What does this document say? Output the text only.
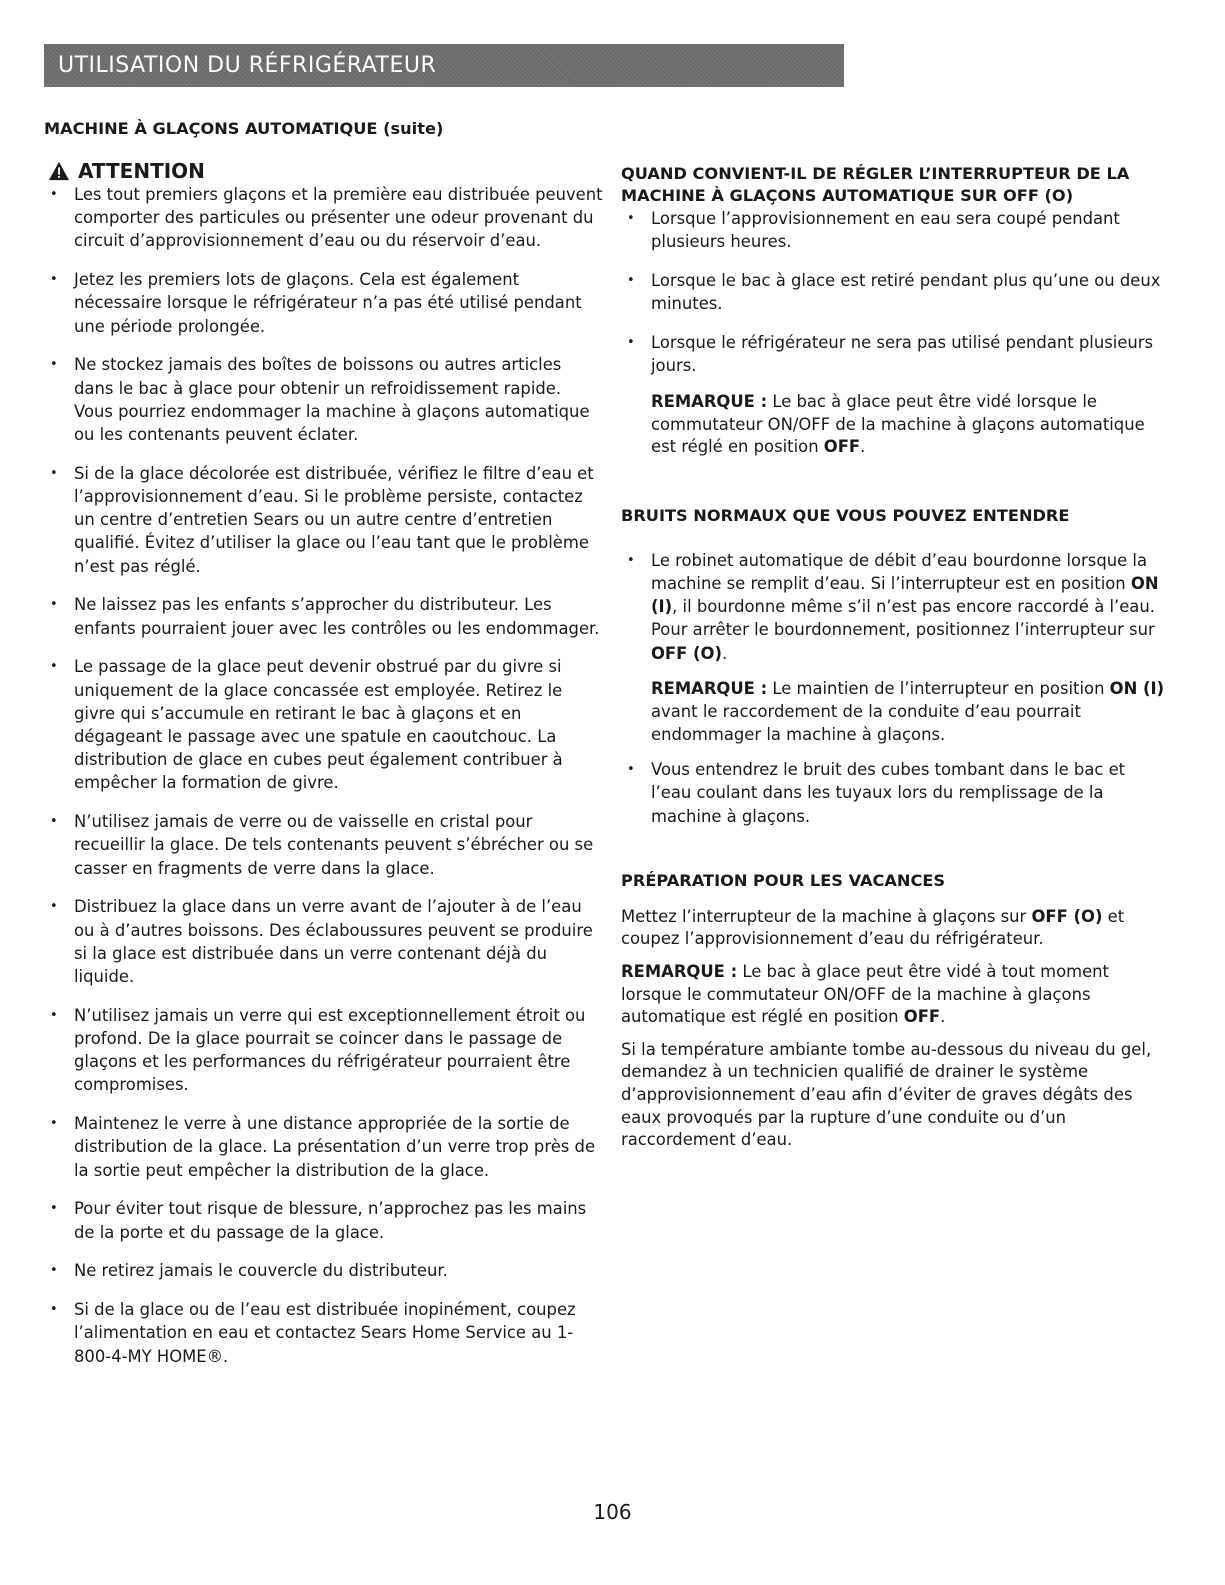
UTILISATION DU RÉFRIGÉRATEUR
MACHINE À GLAÇONS AUTOMATIQUE (suite)
ATTENTION
• Les tout premiers glaçons et la première eau distribuée peuvent comporter des particules ou présenter une odeur provenant du circuit d’approvisionnement d’eau ou du réservoir d’eau.
• Jetez les premiers lots de glaçons. Cela est également nécessaire lorsque le réfrigérateur n’a pas été utilisé pendant une période prolongée.
• Ne stockez jamais des boîtes de boissons ou autres articles dans le bac à glace pour obtenir un refroidissement rapide. Vous pourriez endommager la machine à glaçons automatique ou les contenants peuvent éclater.
• Si de la glace décolorée est distribuée, vérifiez le filtre d’eau et l’approvisionnement d’eau. Si le problème persiste, contactez un centre d’entretien Sears ou un autre centre d’entretien qualifié. Évitez d’utiliser la glace ou l’eau tant que le problème n’est pas réglé.
• Ne laissez pas les enfants s’approcher du distributeur. Les enfants pourraient jouer avec les contrôles ou les endommager.
• Le passage de la glace peut devenir obstrué par du givre si uniquement de la glace concassée est employée. Retirez le givre qui s’accumule en retirant le bac à glaçons et en dégageant le passage avec une spatule en caoutchouc. La distribution de glace en cubes peut également contribuer à empêcher la formation de givre.
• N’utilisez jamais de verre ou de vaisselle en cristal pour recueillir la glace. De tels contenants peuvent s’ébrécher ou se casser en fragments de verre dans la glace.
• Distribuez la glace dans un verre avant de l’ajouter à de l’eau ou à d’autres boissons. Des éclaboussures peuvent se produire si la glace est distribuée dans un verre contenant déjà du liquide.
• N’utilisez jamais un verre qui est exceptionnellement étroit ou profond. De la glace pourrait se coincer dans le passage de glaçons et les performances du réfrigérateur pourraient être compromises.
• Maintenez le verre à une distance appropriée de la sortie de distribution de la glace. La présentation d’un verre trop près de la sortie peut empêcher la distribution de la glace.
• Pour éviter tout risque de blessure, n’approchez pas les mains de la porte et du passage de la glace.
• Ne retirez jamais le couvercle du distributeur.
• Si de la glace ou de l’eau est distribuée inopinément, coupez l’alimentation en eau et contactez Sears Home Service au 1-800-4-MY HOME®.
QUAND CONVIENT-IL DE RÉGLER L’INTERRUPTEUR DE LA MACHINE À GLAÇONS AUTOMATIQUE SUR OFF (O)
• Lorsque l’approvisionnement en eau sera coupé pendant plusieurs heures.
• Lorsque le bac à glace est retiré pendant plus qu’une ou deux minutes.
• Lorsque le réfrigérateur ne sera pas utilisé pendant plusieurs jours.

REMARQUE : Le bac à glace peut être vidé lorsque le commutateur ON/OFF de la machine à glaçons automatique est réglé en position OFF.

BRUITS NORMAUX QUE VOUS POUVEZ ENTENDRE
• Le robinet automatique de débit d’eau bourdonne lorsque la machine se remplit d’eau. Si l’interrupteur est en position ON (I), il bourdonne même s’il n’est pas encore raccordé à l’eau. Pour arrêter le bourdonnement, positionnez l’interrupteur sur OFF (O).

REMARQUE : Le maintien de l’interrupteur en position ON (I) avant le raccordement de la conduite d’eau pourrait endommager la machine à glaçons.

• Vous entendrez le bruit des cubes tombant dans le bac et l’eau coulant dans les tuyaux lors du remplissage de la machine à glaçons.
PRÉPARATION POUR LES VACANCES

Mettez l’interrupteur de la machine à glaçons sur OFF (O) et coupez l’approvisionnement d’eau du réfrigérateur.

REMARQUE : Le bac à glace peut être vidé à tout moment lorsque le commutateur ON/OFF de la machine à glaçons automatique est réglé en position OFF.

Si la température ambiante tombe au-dessous du niveau du gel, demandez à un technicien qualifié de drainer le système d’approvisionnement d’eau afin d’éviter de graves dégâts des eaux provoqués par la rupture d’une conduite ou d’un raccordement d’eau.

106
